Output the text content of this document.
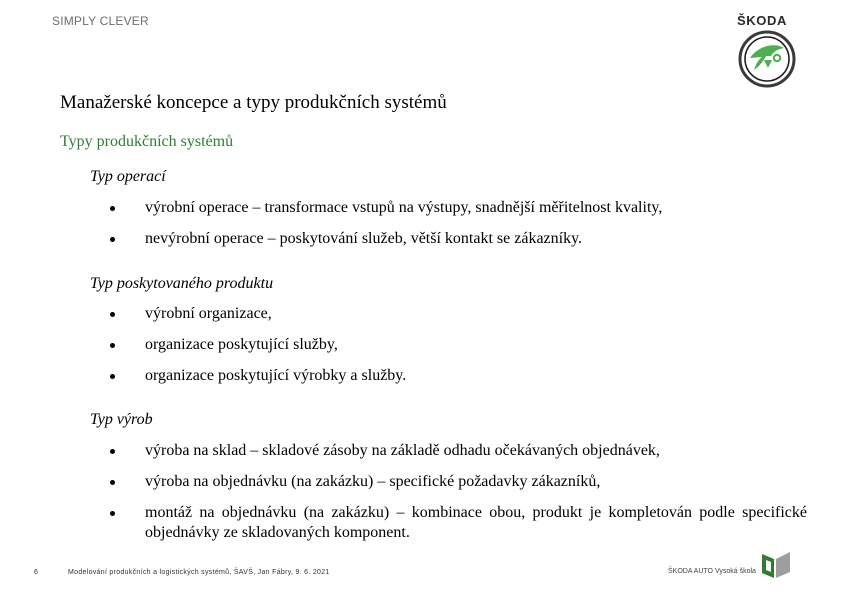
SIMPLY CLEVER	ŠKODA
Manažerské koncepce a typy produkčních systémů
Typy produkčních systémů
Typ operací
výrobní operace – transformace vstupů na výstupy, snadnější měřitelnost kvality,
nevýrobní operace – poskytování služeb, větší kontakt se zákazníky.
Typ poskytovaného produktu
výrobní organizace,
organizace poskytující služby,
organizace poskytující výrobky a služby.
Typ výrob
výroba na sklad – skladové zásoby na základě odhadu očekávaných objednávek,
výroba na objednávku (na zakázku) – specifické požadavky zákazníků,
montáž na objednávku (na zakázku) – kombinace obou, produkt je kompletován podle specifické objednávky ze skladovaných komponent.
6	Modelování produkčních a logistických systémů, ŠAVŠ, Jan Fábry, 9. 6. 2021	ŠKODA AUTO Vysoká škola
